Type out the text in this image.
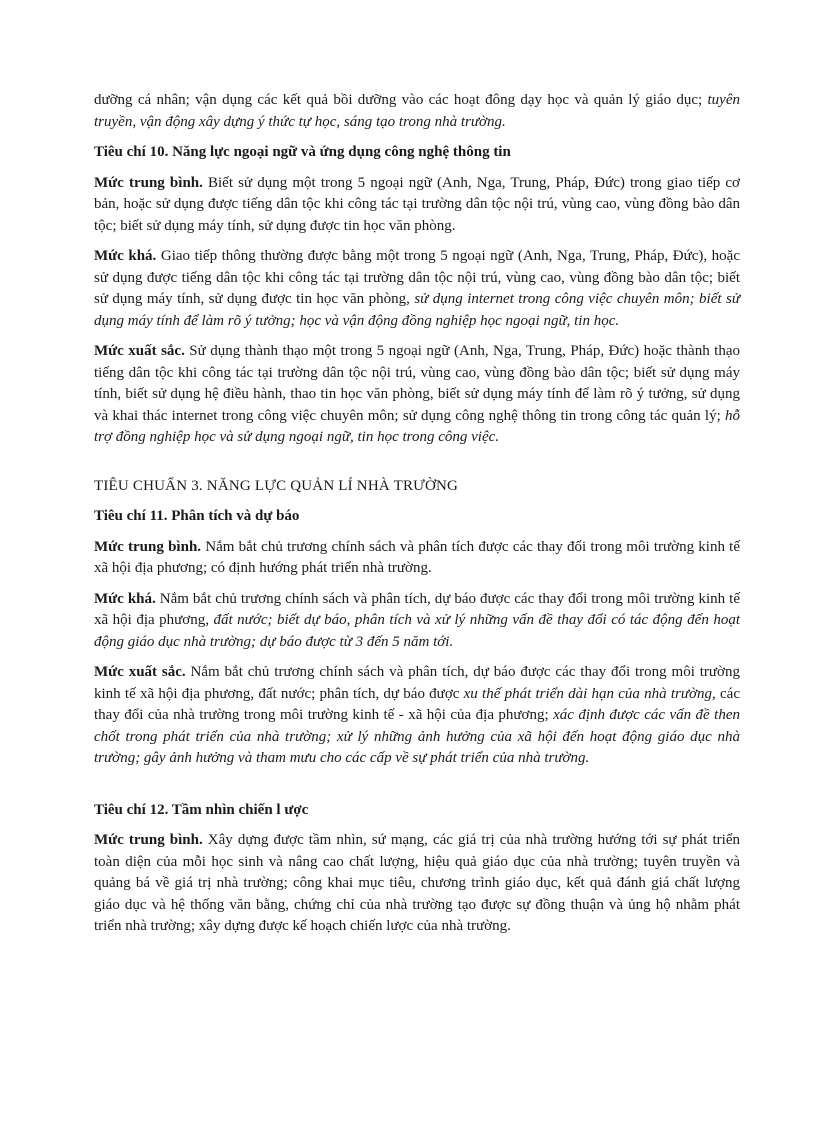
dưỡng cá nhân; vận dụng các kết quả bồi dưỡng vào các hoạt đông dạy học và quản lý giáo dục; tuyên truyền, vận động xây dựng ý thức tự học, sáng tạo trong nhà trường.

Tiêu chí 10. Năng lực ngoại ngữ và ứng dụng công nghệ thông tin

Mức trung bình. Biết sử dụng một trong 5 ngoại ngữ (Anh, Nga, Trung, Pháp, Đức) trong giao tiếp cơ bản, hoặc sử dụng được tiếng dân tộc khi công tác tại trường dân tộc nội trú, vùng cao, vùng đồng bào dân tộc; biết sử dụng máy tính, sử dụng được tin học văn phòng.

Mức khá. Giao tiếp thông thường được bằng một trong 5 ngoại ngữ (Anh, Nga, Trung, Pháp, Đức), hoặc sử dụng được tiếng dân tộc khi công tác tại trường dân tộc nội trú, vùng cao, vùng đồng bào dân tộc; biết sử dụng máy tính, sử dụng được tin học văn phòng, sử dụng internet trong công việc chuyên môn; biết sử dụng máy tính để làm rõ ý tưởng; học và vận động đồng nghiệp học ngoại ngữ, tin học.

Mức xuất sắc. Sử dụng thành thạo một trong 5 ngoại ngữ (Anh, Nga, Trung, Pháp, Đức) hoặc thành thạo tiếng dân tộc khi công tác tại trường dân tộc nội trú, vùng cao, vùng đồng bào dân tộc; biết sử dụng máy tính, biết sử dụng hệ điều hành, thao tin học văn phòng, biết sử dụng máy tính để làm rõ ý tưởng, sử dụng và khai thác internet trong công việc chuyên môn; sử dụng công nghệ thông tin trong công tác quản lý; hỗ trợ đồng nghiệp học và sử dụng ngoại ngữ, tin học trong công việc.

TIÊU CHUẨN 3. NĂNG LỰC QUẢN LÍ NHÀ TRƯỜNG

Tiêu chí 11. Phân tích và dự báo

Mức trung bình. Nắm bắt chủ trương chính sách và phân tích được các thay đổi trong môi trường kinh tế xã hội địa phương; có định hướng phát triển nhà trường.

Mức khá. Nắm bắt chủ trương chính sách và phân tích, dự báo được các thay đổi trong môi trường kinh tế xã hội địa phương, đất nước; biết dự báo, phân tích và xử lý những vấn đề thay đổi có tác động đến hoạt động giáo dục nhà trường; dự báo được từ 3 đến 5 năm tới.

Mức xuất sắc. Nắm bắt chủ trương chính sách và phân tích, dự báo được các thay đổi trong môi trường kinh tế xã hội địa phương, đất nước; phân tích, dự báo được xu thế phát triển dài hạn của nhà trường, các thay đổi của nhà trường trong môi trường kinh tế - xã hội của địa phương; xác định được các vấn đề then chốt trong phát triển của nhà trường; xử lý những ảnh hưởng của xã hội đến hoạt động giáo dục nhà trường; gây ảnh hưởng và tham mưu cho các cấp về sự phát triển của nhà trường.

Tiêu chí 12. Tầm nhìn chiến l ược

Mức trung bình. Xây dựng được tầm nhìn, sứ mạng, các giá trị của nhà trường hướng tới sự phát triển toàn diện của mỗi học sinh và nâng cao chất lượng, hiệu quả giáo dục của nhà trường; tuyên truyền và quảng bá về giá trị nhà trường; công khai mục tiêu, chương trình giáo dục, kết quả đánh giá chất lượng giáo dục và hệ thống văn bằng, chứng chỉ của nhà trường tạo được sự đồng thuận và ủng hộ nhằm phát triển nhà trường; xây dựng được kế hoạch chiến lược của nhà trường.
